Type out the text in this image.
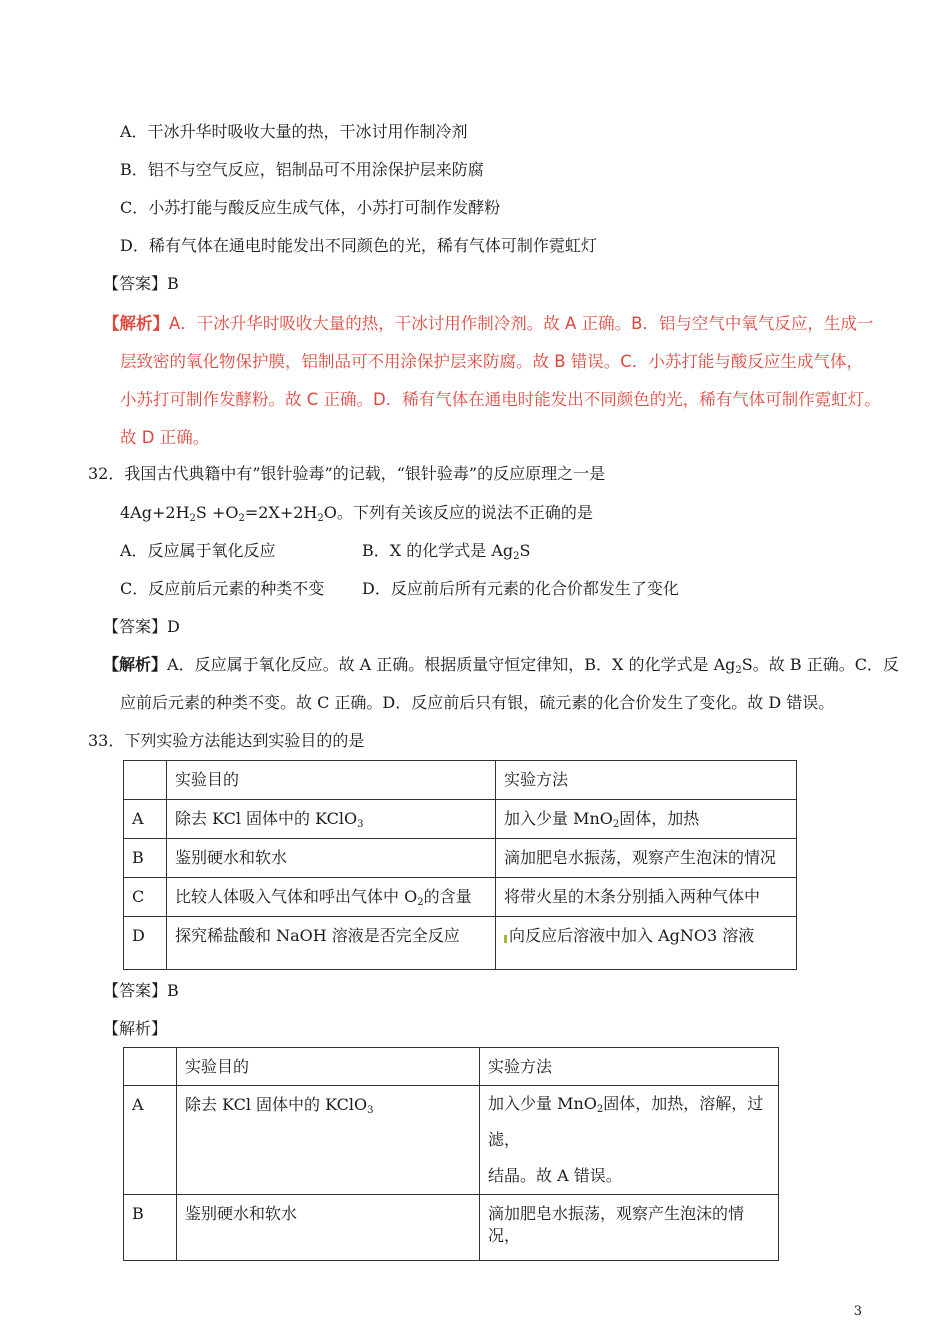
A．干冰升华时吸收大量的热，干冰讨用作制冷剂
B．铝不与空气反应，铝制品可不用涂保护层来防腐
C．小苏打能与酸反应生成气体，小苏打可制作发酵粉
D．稀有气体在通电时能发出不同颜色的光，稀有气体可制作霓虹灯
【答案】B
【解析】A．干冰升华时吸收大量的热，干冰讨用作制冷剂。故 A 正确。B．铝与空气中氧气反应，生成一
层致密的氧化物保护膜，铝制品可不用涂保护层来防腐。故 B 错误。C．小苏打能与酸反应生成气体，
小苏打可制作发酵粉。故 C 正确。D．稀有气体在通电时能发出不同颜色的光，稀有气体可制作霓虹灯。
故 D 正确。
32．我国古代典籍中有”银针验毒”的记载，“银针验毒”的反应原理之一是
$4Ag+2H_2S +O_2=2X+2H_2O$。下列有关该反应的说法不正确的是
A．反应属于氧化反应	B．X 的化学式是 $Ag_2S$
C．反应前后元素的种类不变 D．反应前后所有元素的化合价都发生了变化
【答案】D
【解析】A．反应属于氧化反应。故 A 正确。根据质量守恒定律知，B．X 的化学式是 $Ag_2S$。故 B 正确。C．反
应前后元素的种类不变。故 C 正确。D．反应前后只有银，硫元素的化合价发生了变化。故 D 错误。
33．下列实验方法能达到实验目的的是
	实验目的	实验方法
A	除去 KCl 固体中的 KClO$_3$	加入少量 MnO$_2$固体，加热
B	鉴别硬水和软水	滴加肥皂水振荡，观察产生泡沫的情况
C	比较人体吸入气体和呼出气体中 $O_2$的含量	将带火星的木条分别插入两种气体中
D	探究稀盐酸和 NaOH 溶液是否完全反应	向反应后溶液中加入 AgNO3 溶液
【答案】B
【解析】
	实验目的	实验方法
A	除去 KCl 固体中的 KClO$_3$	加入少量 MnO$_2$固体，加热，溶解，过滤，
结晶。故 A 错误。
B	鉴别硬水和软水	滴加肥皂水振荡，观察产生泡沫的情况，
3
